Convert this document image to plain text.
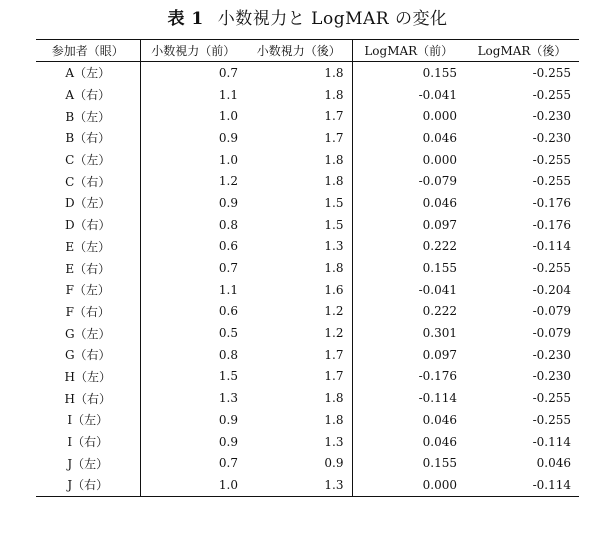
表 1 小数視力と LogMAR の変化
参加者（眼）	小数視力（前）	小数視力（後）	LogMAR（前）	LogMAR（後）
A（左）	0.7	1.8	0.155	-0.255
A（右）	1.1	1.8	-0.041	-0.255
B（左）	1.0	1.7	0.000	-0.230
B（右）	0.9	1.7	0.046	-0.230
C（左）	1.0	1.8	0.000	-0.255
C（右）	1.2	1.8	-0.079	-0.255
D（左）	0.9	1.5	0.046	-0.176
D（右）	0.8	1.5	0.097	-0.176
E（左）	0.6	1.3	0.222	-0.114
E（右）	0.7	1.8	0.155	-0.255
F（左）	1.1	1.6	-0.041	-0.204
F（右）	0.6	1.2	0.222	-0.079
G（左）	0.5	1.2	0.301	-0.079
G（右）	0.8	1.7	0.097	-0.230
H（左）	1.5	1.7	-0.176	-0.230
H（右）	1.3	1.8	-0.114	-0.255
I（左）	0.9	1.8	0.046	-0.255
I（右）	0.9	1.3	0.046	-0.114
J（左）	0.7	0.9	0.155	0.046
J（右）	1.0	1.3	0.000	-0.114
